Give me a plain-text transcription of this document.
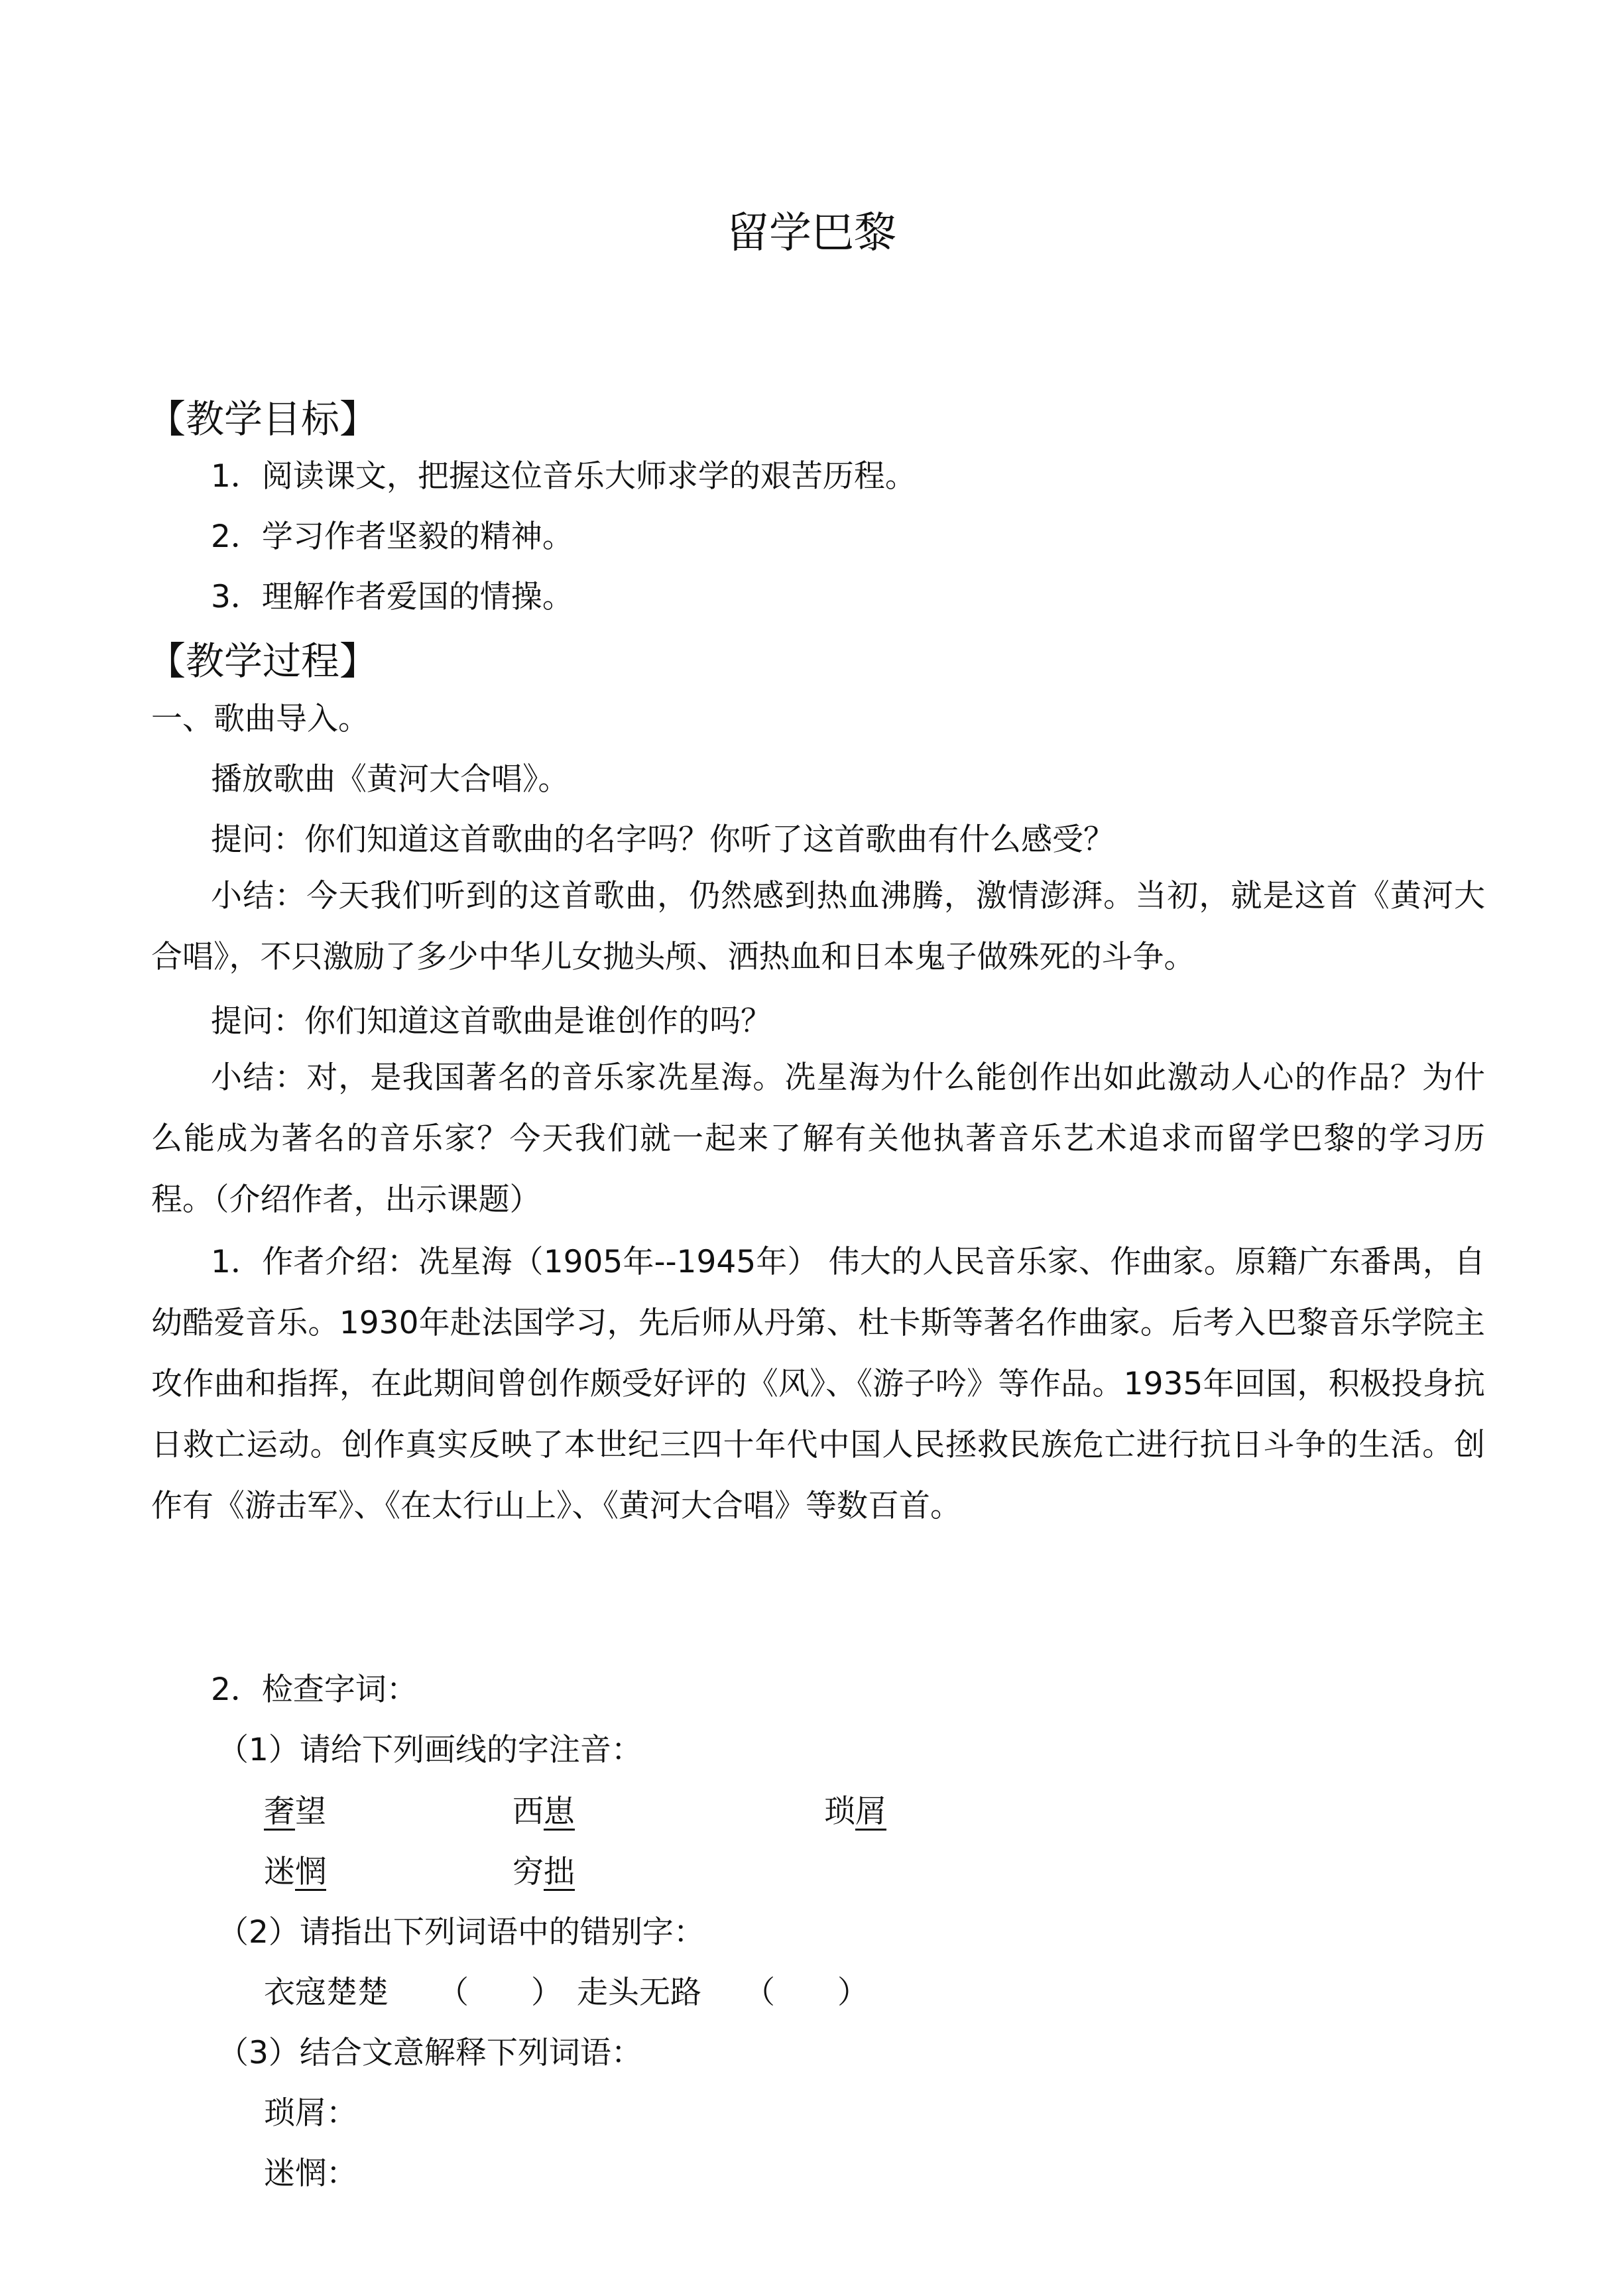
留学巴黎
【教学目标】
1．阅读课文，把握这位音乐大师求学的艰苦历程。
2．学习作者坚毅的精神。
3．理解作者爱国的情操。
【教学过程】
一、歌曲导入。
播放歌曲《黄河大合唱》。
提问：你们知道这首歌曲的名字吗？你听了这首歌曲有什么感受？
小结：今天我们听到的这首歌曲，仍然感到热血沸腾，激情澎湃。当初，就是这首《黄河大合唱》，不只激励了多少中华儿女抛头颅、洒热血和日本鬼子做殊死的斗争。
提问：你们知道这首歌曲是谁创作的吗？
小结：对，是我国著名的音乐家冼星海。冼星海为什么能创作出如此激动人心的作品？为什么能成为著名的音乐家？今天我们就一起来了解有关他执著音乐艺术追求而留学巴黎的学习历程。（介绍作者，出示课题）
1．作者介绍：冼星海（1905年--1945年） 伟大的人民音乐家、作曲家。原籍广东番禺，自幼酷爱音乐。1930年赴法国学习，先后师从丹第、杜卡斯等著名作曲家。后考入巴黎音乐学院主攻作曲和指挥，在此期间曾创作颇受好评的《风》、《游子吟》等作品。1935年回国，积极投身抗日救亡运动。创作真实反映了本世纪三四十年代中国人民拯救民族危亡进行抗日斗争的生活。创作有《游击军》、《在太行山上》、《黄河大合唱》等数百首。
2．检查字词：
（1）请给下列画线的字注音：
奢望	西崽	琐屑
迷惘	穷拙
（2）请指出下列词语中的错别字：
衣寇楚楚 （　　） 走头无路 （　　）
（3）结合文意解释下列词语：
琐屑：
迷惘：
